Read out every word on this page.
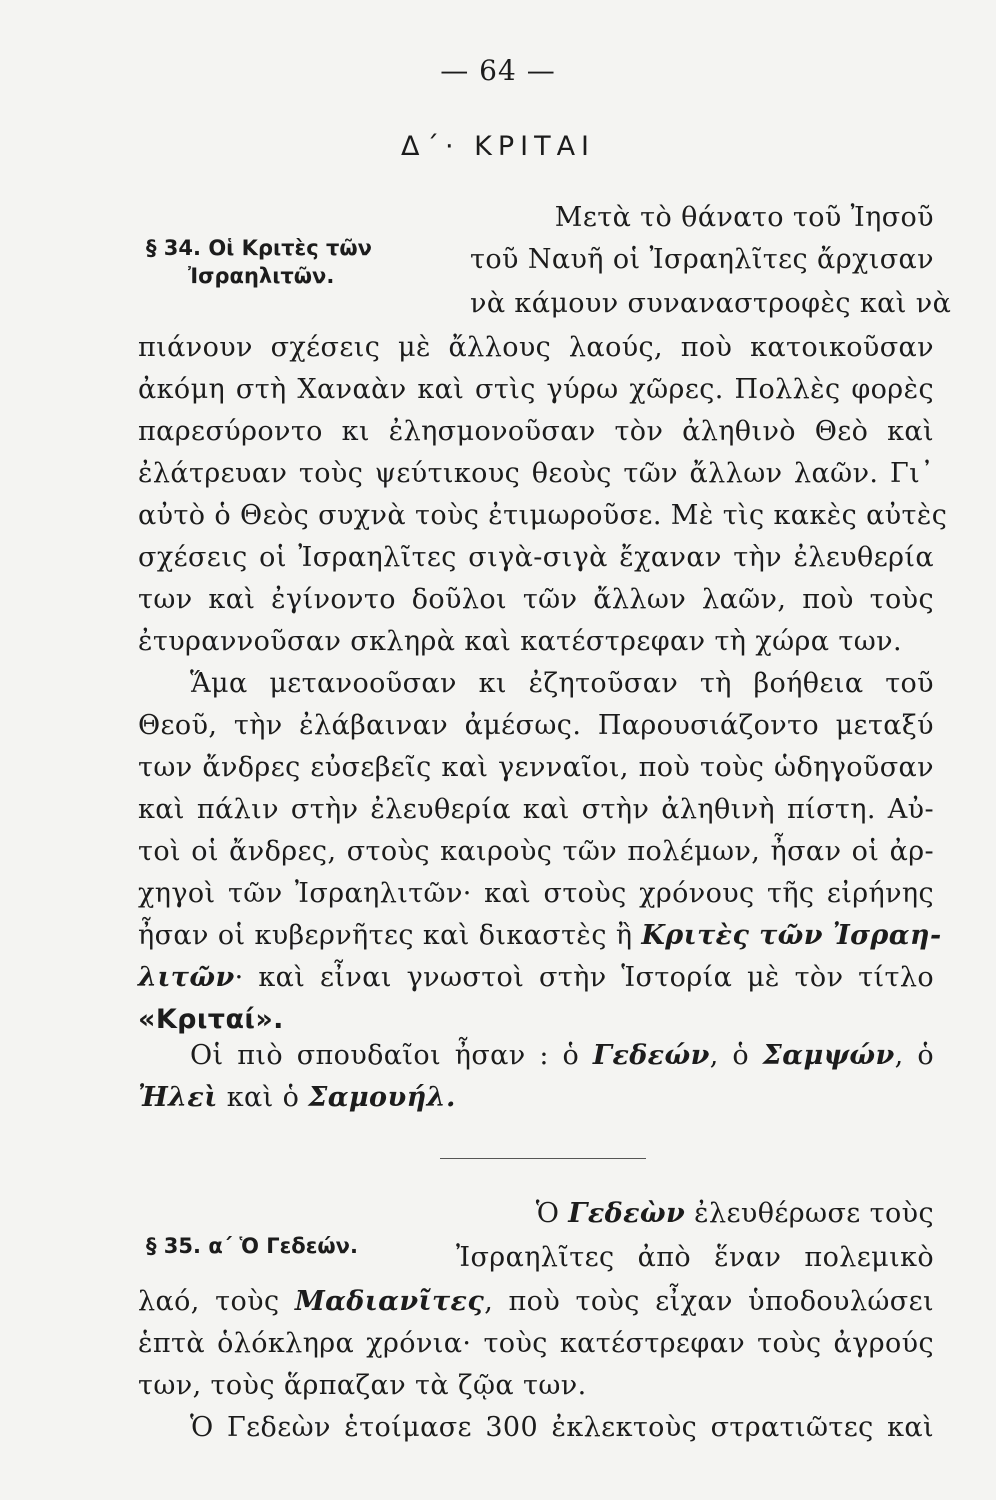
— 64 —
Δ΄· ΚΡΙΤΑΙ
§ 34. Οἱ Κριτὲς τῶν
Ἰσραηλιτῶν.
Μετὰ τὸ θάνατο τοῦ Ἰησοῦ
τοῦ Ναυῆ οἱ Ἰσραηλῖτες ἄρχισαν
νὰ κάμουν συναναστροφὲς καὶ νὰ
πιάνουν σχέσεις μὲ ἄλλους λαούς, ποὺ κατοικοῦσαν
ἀκόμη στὴ Χαναὰν καὶ στὶς γύρω χῶρες. Πολλὲς φορὲς
παρεσύροντο κι ἐλησμονοῦσαν τὸν ἀληθινὸ Θεὸ καὶ
ἐλάτρευαν τοὺς ψεύτικους θεοὺς τῶν ἄλλων λαῶν. Γι᾿
αὐτὸ ὁ Θεὸς συχνὰ τοὺς ἐτιμωροῦσε. Μὲ τὶς κακὲς αὐτὲς
σχέσεις οἱ Ἰσραηλῖτες σιγὰ-σιγὰ ἔχαναν τὴν ἐλευθερία
των καὶ ἐγίνοντο δοῦλοι τῶν ἄλλων λαῶν, ποὺ τοὺς
ἐτυραννοῦσαν σκληρὰ καὶ κατέστρεφαν τὴ χώρα των.
Ἅμα μετανοοῦσαν κι ἐζητοῦσαν τὴ βοήθεια τοῦ
Θεοῦ, τὴν ἐλάβαιναν ἀμέσως. Παρουσιάζοντο μεταξύ
των ἄνδρες εὐσεβεῖς καὶ γενναῖοι, ποὺ τοὺς ὡδηγοῦσαν
καὶ πάλιν στὴν ἐλευθερία καὶ στὴν ἀληθινὴ πίστη. Αὐ-
τοὶ οἱ ἄνδρες, στοὺς καιροὺς τῶν πολέμων, ἦσαν οἱ ἀρ-
χηγοὶ τῶν Ἰσραηλιτῶν· καὶ στοὺς χρόνους τῆς εἰρήνης
ἦσαν οἱ κυβερνῆτες καὶ δικαστὲς ἢ Κριτὲς τῶν Ἰσραη-
λιτῶν· καὶ εἶναι γνωστοὶ στὴν Ἱστορία μὲ τὸν τίτλο
«Κριταί».
Οἱ πιὸ σπουδαῖοι ἦσαν : ὁ Γεδεών, ὁ Σαμψών, ὁ
Ἠλεὶ καὶ ὁ Σαμουήλ.
§ 35. α΄ Ὁ Γεδεών.
Ὁ Γεδεὼν ἐλευθέρωσε τοὺς
Ἰσραηλῖτες ἀπὸ ἕναν πολεμικὸ
λαό, τοὺς Μαδιανῖτες, ποὺ τοὺς εἶχαν ὑποδουλώσει
ἑπτὰ ὁλόκληρα χρόνια· τοὺς κατέστρεφαν τοὺς ἀγρούς
των, τοὺς ἅρπαζαν τὰ ζῷα των.
Ὁ Γεδεὼν ἑτοίμασε 300 ἐκλεκτοὺς στρατιῶτες καὶ
